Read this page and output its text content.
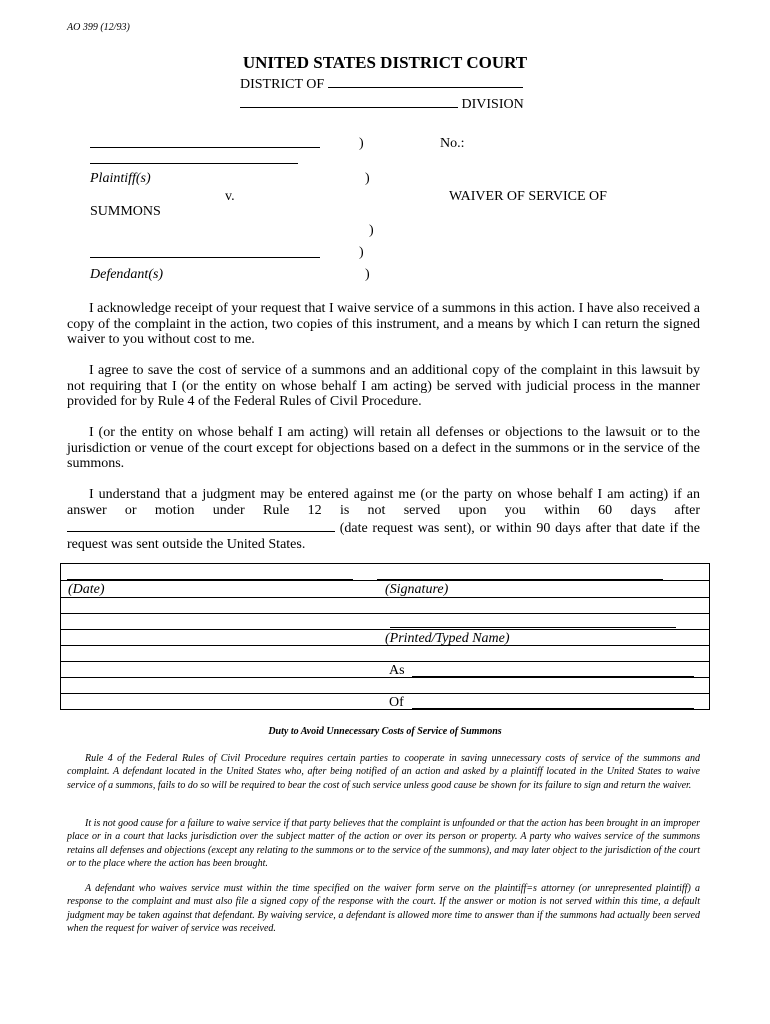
AO 399 (12/93)
UNITED STATES DISTRICT COURT
DISTRICT OF
DIVISION
)	No.:
Plaintiff(s)	)
v.	WAIVER OF SERVICE OF
SUMMONS
)
)
Defendant(s)	)

I acknowledge receipt of your request that I waive service of a summons in this action. I have also received a copy of the complaint in the action, two copies of this instrument, and a means by which I can return the signed waiver to you without cost to me.

I agree to save the cost of service of a summons and an additional copy of the complaint in this lawsuit by not requiring that I (or the entity on whose behalf I am acting) be served with judicial process in the manner provided for by Rule 4 of the Federal Rules of Civil Procedure.

I (or the entity on whose behalf I am acting) will retain all defenses or objections to the lawsuit or to the jurisdiction or venue of the court except for objections based on a defect in the summons or in the service of the summons.

I understand that a judgment may be entered against me (or the party on whose behalf I am acting) if an answer or motion under Rule 12 is not served upon you within 60 days after  (date request was sent), or within 90 days after that date if the request was sent outside the United States.
(Date)	(Signature)
(Printed/Typed Name)
As
Of
Duty to Avoid Unnecessary Costs of Service of Summons

Rule 4 of the Federal Rules of Civil Procedure requires certain parties to cooperate in saving unnecessary costs of service of the summons and complaint. A defendant located in the United States who, after being notified of an action and asked by a plaintiff located in the United States to waive service of a summons, fails to do so will be required to bear the cost of such service unless good cause be shown for its failure to sign and return the waiver.

It is not good cause for a failure to waive service if that party believes that the complaint is unfounded or that the action has been brought in an improper place or in a court that lacks jurisdiction over the subject matter of the action or over its person or property. A party who waives service of the summons retains all defenses and objections (except any relating to the summons or to the service of the summons), and may later object to the jurisdiction of the court or to the place where the action has been brought.

A defendant who waives service must within the time specified on the waiver form serve on the plaintiff=s attorney (or unrepresented plaintiff) a response to the complaint and must also file a signed copy of the response with the court. If the answer or motion is not served within this time, a default judgment may be taken against that defendant. By waiving service, a defendant is allowed more time to answer than if the summons had actually been served when the request for waiver of service was received.
